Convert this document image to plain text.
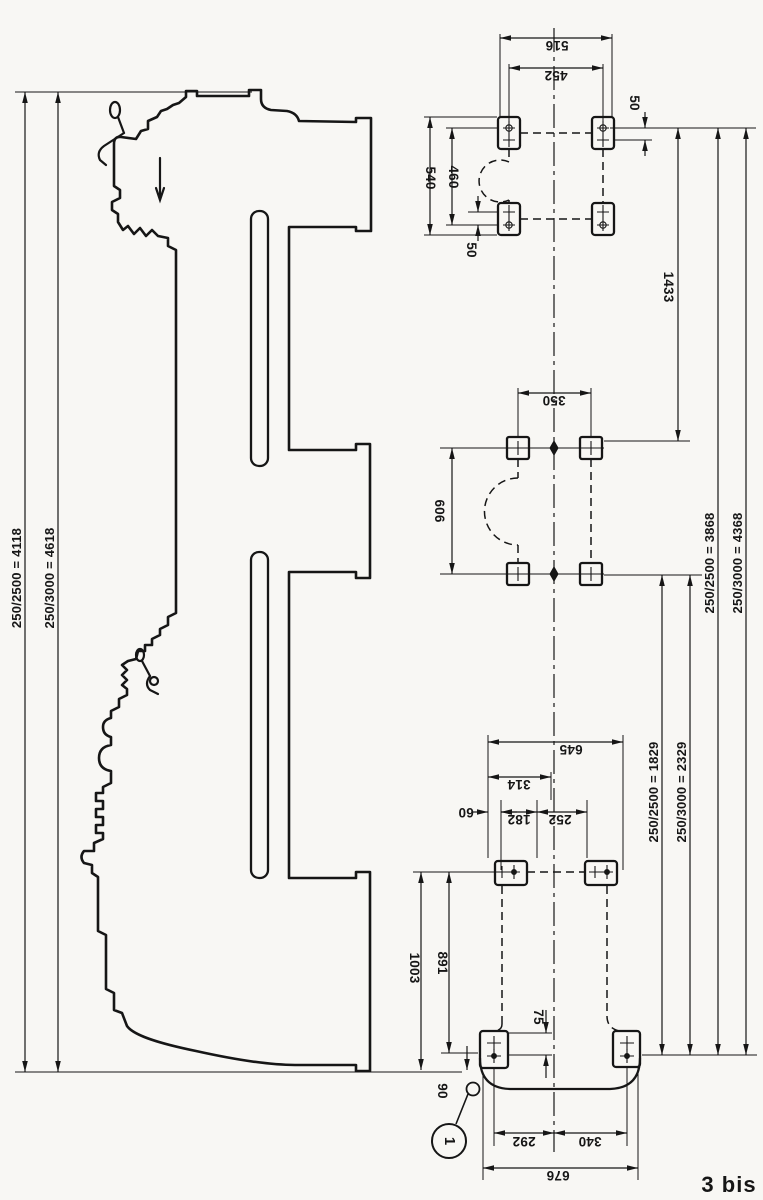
250/2500 = 4118 250/3000 = 4618
516
452
350
645
314
60 182 252
292	340
676
540 460
50
50
1433
606
1003 891
75
90
250/2500 = 3868 250/3000 = 4368
250/2500 = 1829 250/3000 = 2329
1
3 bis
